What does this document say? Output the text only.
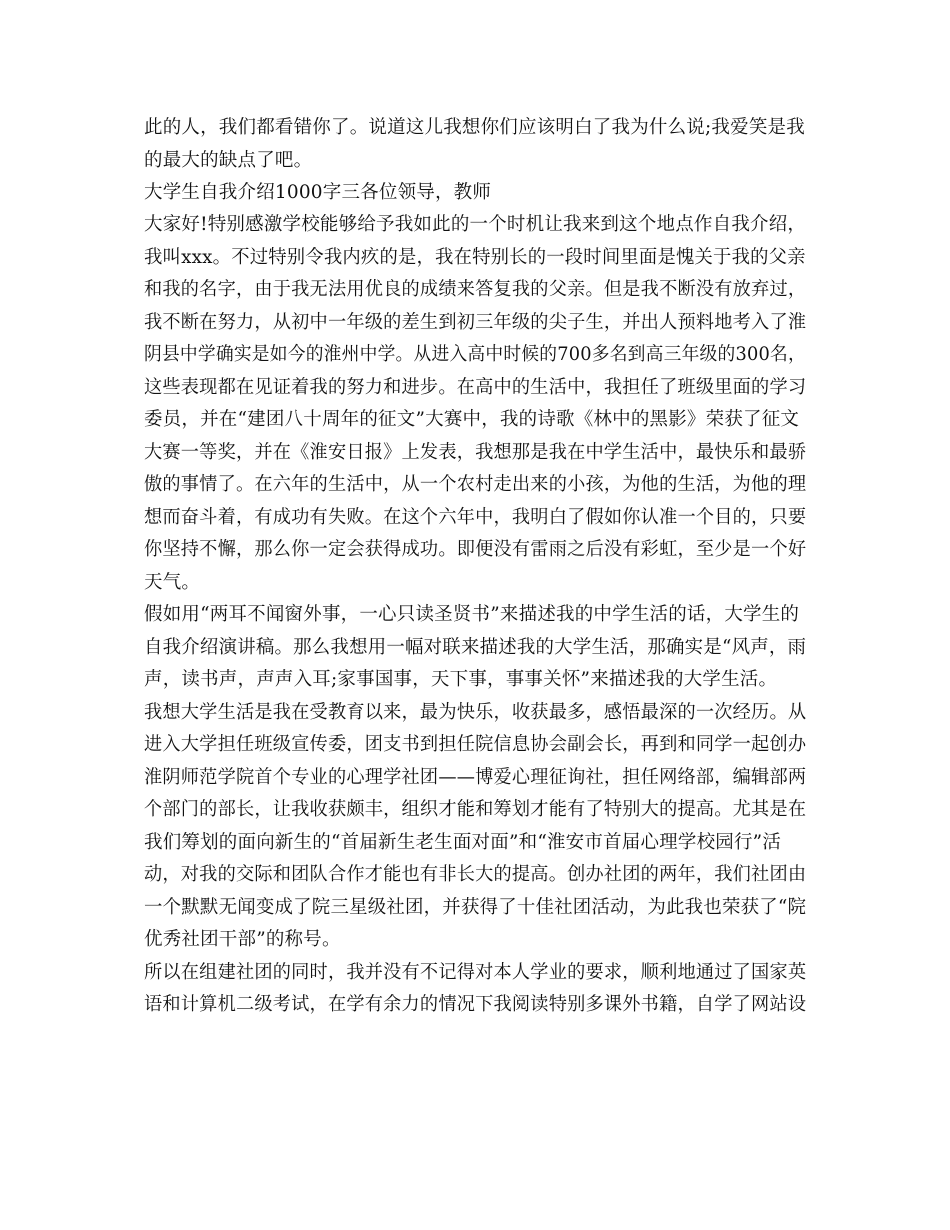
此的人，我们都看错你了。说道这儿我想你们应该明白了我为什么说;我爱笑是我
的最大的缺点了吧。
大学生自我介绍1000字三各位领导，教师
大家好!特别感激学校能够给予我如此的一个时机让我来到这个地点作自我介绍，
我叫xxx。不过特别令我内疚的是，我在特别长的一段时间里面是愧关于我的父亲
和我的名字，由于我无法用优良的成绩来答复我的父亲。但是我不断没有放弃过，
我不断在努力，从初中一年级的差生到初三年级的尖子生，并出人预料地考入了淮
阴县中学确实是如今的淮州中学。从进入高中时候的700多名到高三年级的300名，
这些表现都在见证着我的努力和进步。在高中的生活中，我担任了班级里面的学习
委员，并在“建团八十周年的征文”大赛中，我的诗歌《林中的黑影》荣获了征文
大赛一等奖，并在《淮安日报》上发表，我想那是我在中学生活中，最快乐和最骄
傲的事情了。在六年的生活中，从一个农村走出来的小孩，为他的生活，为他的理
想而奋斗着，有成功有失败。在这个六年中，我明白了假如你认准一个目的，只要
你坚持不懈，那么你一定会获得成功。即便没有雷雨之后没有彩虹，至少是一个好
天气。
假如用“两耳不闻窗外事，一心只读圣贤书”来描述我的中学生活的话，大学生的
自我介绍演讲稿。那么我想用一幅对联来描述我的大学生活，那确实是“风声，雨
声，读书声，声声入耳;家事国事，天下事，事事关怀”来描述我的大学生活。
我想大学生活是我在受教育以来，最为快乐，收获最多，感悟最深的一次经历。从
进入大学担任班级宣传委，团支书到担任院信息协会副会长，再到和同学一起创办
淮阴师范学院首个专业的心理学社团——博爱心理征询社，担任网络部，编辑部两
个部门的部长，让我收获颇丰，组织才能和筹划才能有了特别大的提高。尤其是在
我们筹划的面向新生的“首届新生老生面对面”和“淮安市首届心理学校园行”活
动，对我的交际和团队合作才能也有非长大的提高。创办社团的两年，我们社团由
一个默默无闻变成了院三星级社团，并获得了十佳社团活动，为此我也荣获了“院
优秀社团干部”的称号。
所以在组建社团的同时，我并没有不记得对本人学业的要求，顺利地通过了国家英
语和计算机二级考试，在学有余力的情况下我阅读特别多课外书籍，自学了网站设
